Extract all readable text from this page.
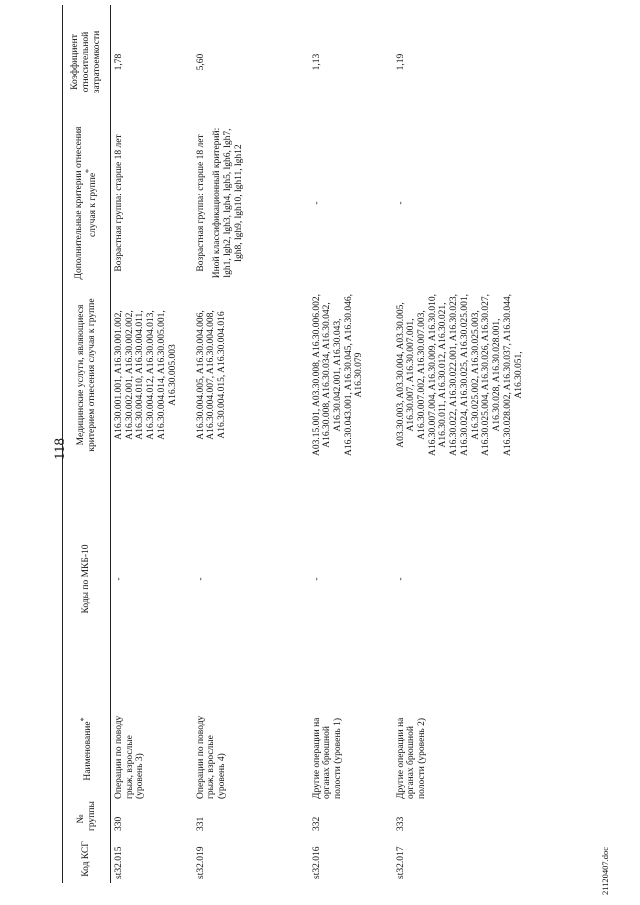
118
Код КСГ	№ группы	Наименование*	Коды по МКБ-10	Медицинские услуги, являющиеся критерием отнесения случая к группе	Дополнительные критерии отнесения случая к группе*	Коэффициент относительной затратоемкости
st32.015	330	Операции по поводу грыж, взрослые (уровень 3)	-	A16.30.001.001, A16.30.001.002, A16.30.002.001, A16.30.002.002, A16.30.004.010, A16.30.004.011, A16.30.004.012, A16.30.004.013, A16.30.004.014, A16.30.005.001, A16.30.005.003	Возрастная группа: старше 18 лет	1,78
st32.019	331	Операции по поводу грыж, взрослые (уровень 4)	-	A16.30.004.005, A16.30.004.006, A16.30.004.007, A16.30.004.008, A16.30.004.015, A16.30.004.016	Возрастная группа: старше 18 лет Иной классификационный критерий: lgh1, lgh2, lgh3, lgh4, lgh5, lgh6, lgh7, lgh8, lgh9, lgh10, lgh11, lgh12	5,60
st32.016	332	Другие операции на органах брюшной полости (уровень 1)	-	A03.15.001, A03.30.008, A16.30.006.002, A16.30.008, A16.30.034, A16.30.042, A16.30.042.001, A16.30.043, A16.30.043.001, A16.30.045, A16.30.046, A16.30.079	-	1,13
st32.017	333	Другие операции на органах брюшной полости (уровень 2)	-	A03.30.003, A03.30.004, A03.30.005, A16.30.007, A16.30.007.001, A16.30.007.002, A16.30.007.003, A16.30.007.004, A16.30.009, A16.30.010, A16.30.011, A16.30.012, A16.30.021, A16.30.022, A16.30.022.001, A16.30.023, A16.30.024, A16.30.025, A16.30.025.001, A16.30.025.002, A16.30.025.003, A16.30.025.004, A16.30.026, A16.30.027, A16.30.028, A16.30.028.001, A16.30.028.002, A16.30.037, A16.30.044, A16.30.051,	-	1,19
21120407.doc
